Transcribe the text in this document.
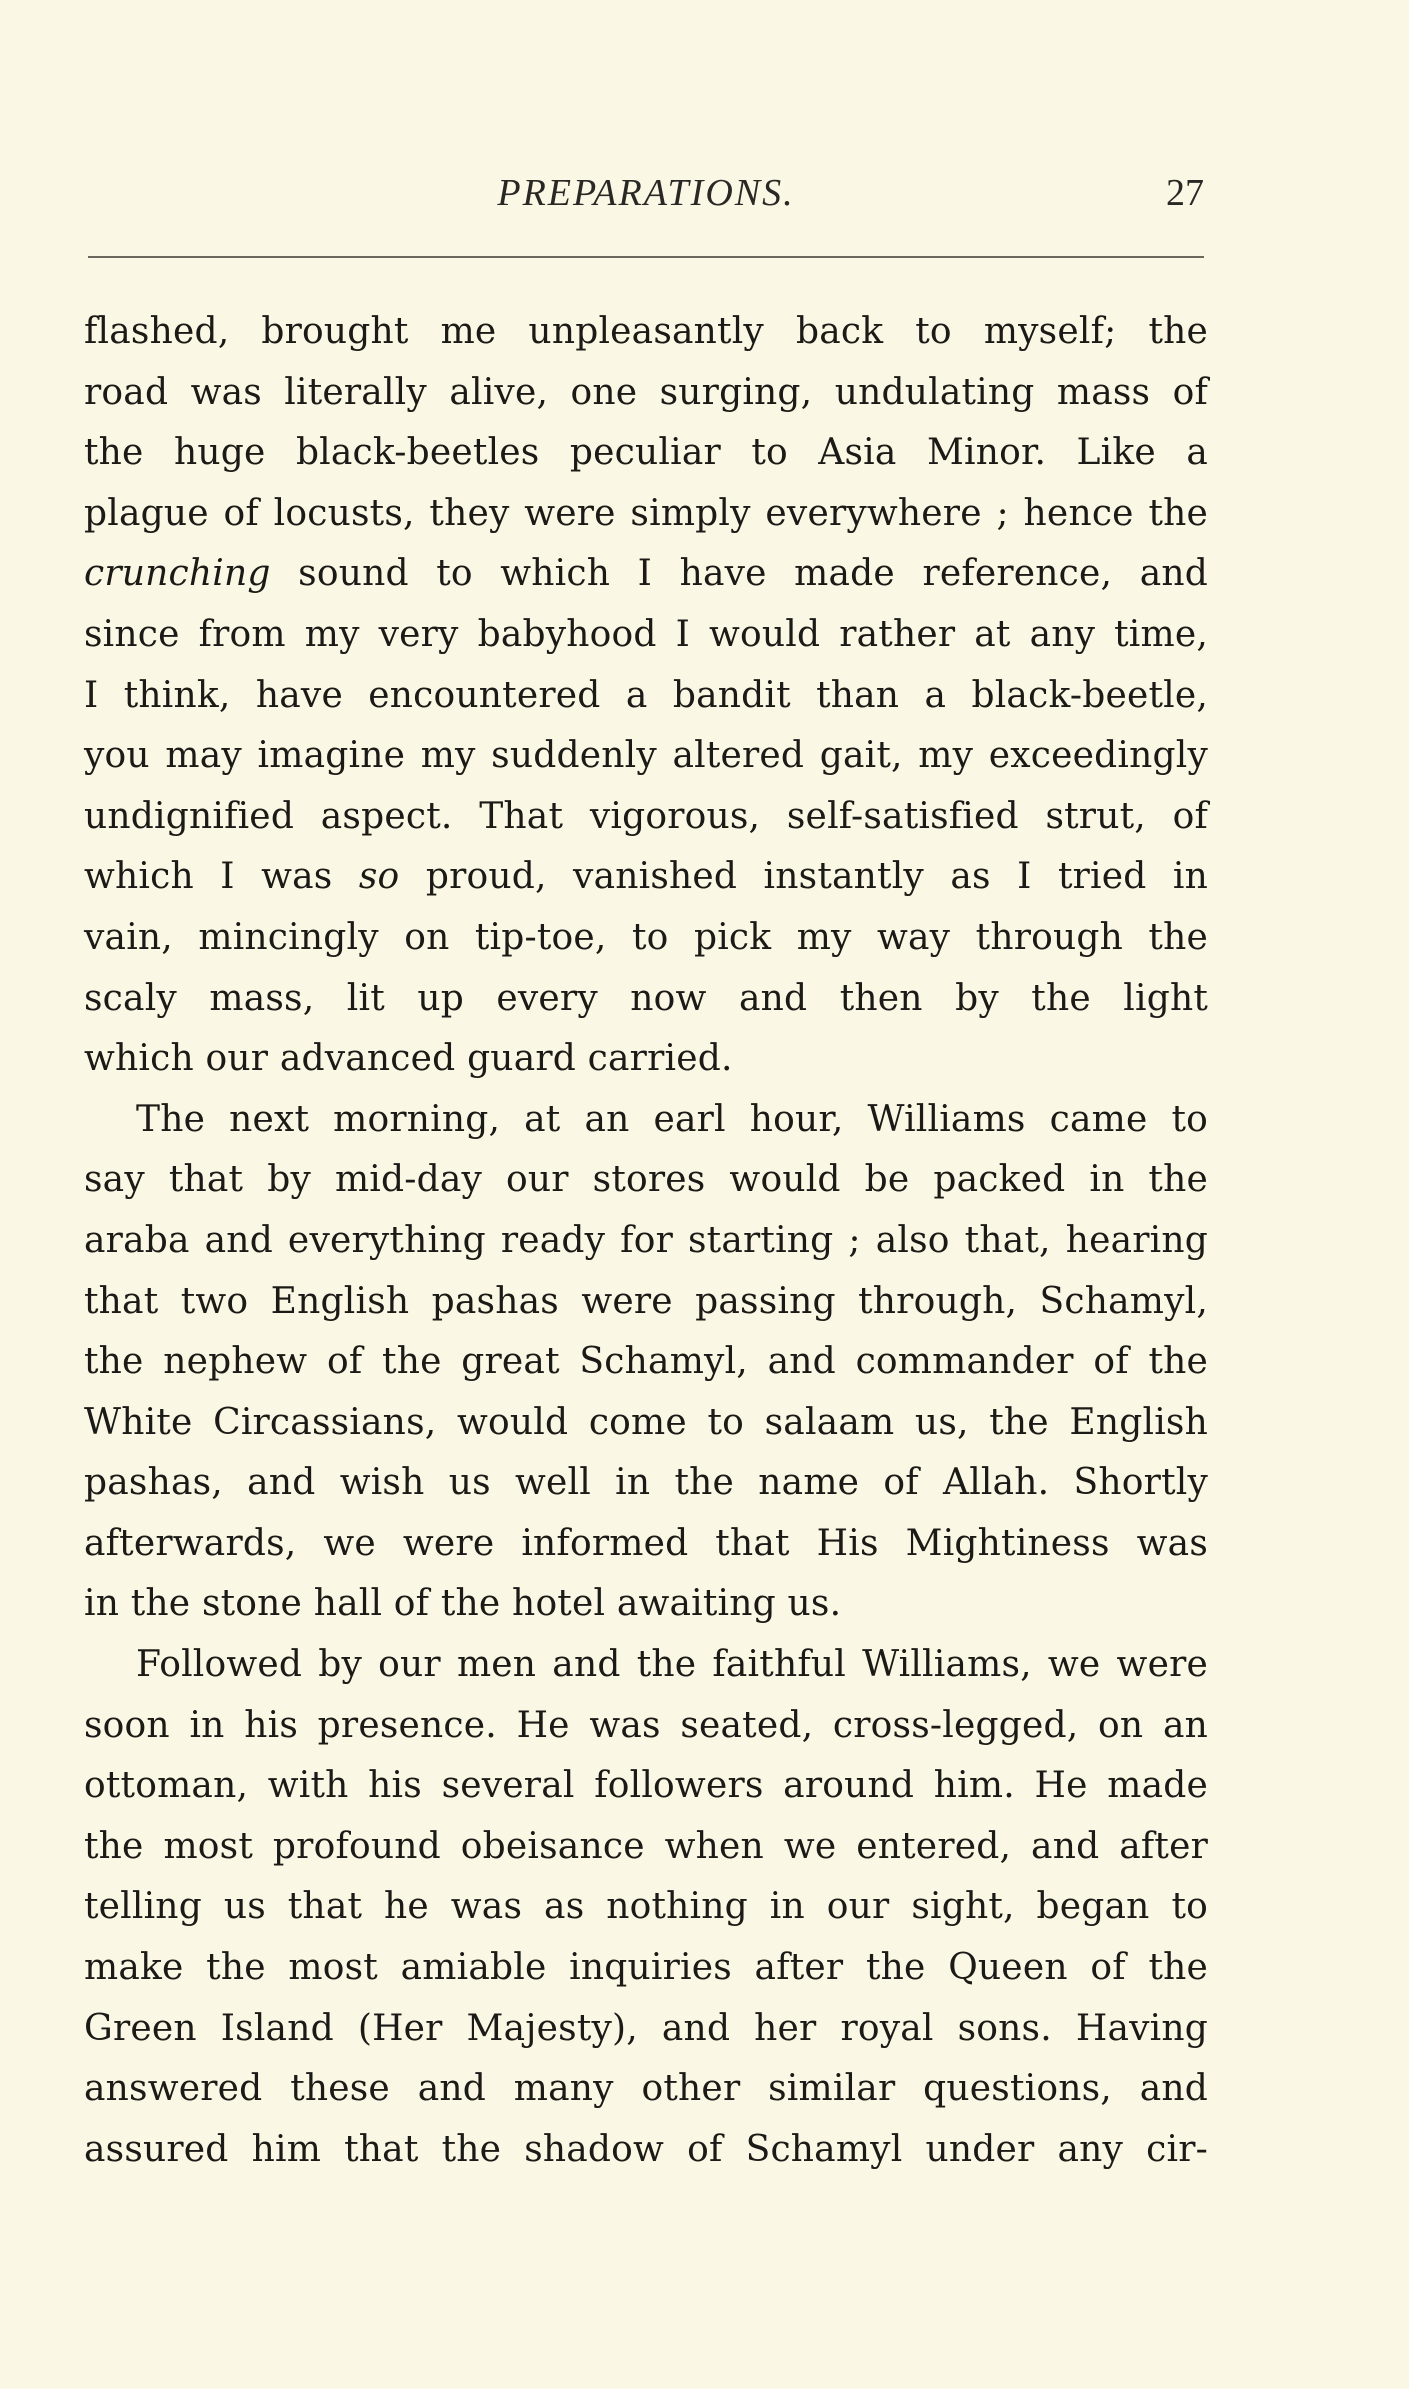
PREPARATIONS.	27
flashed, brought me unpleasantly back to myself; the
road was literally alive, one surging, undulating mass of
the huge black-beetles peculiar to Asia Minor. Like a
plague of locusts, they were simply everywhere ; hence the
crunching sound to which I have made reference, and
since from my very babyhood I would rather at any time,
I think, have encountered a bandit than a black-beetle,
you may imagine my suddenly altered gait, my exceedingly
undignified aspect. That vigorous, self-satisfied strut, of
which I was so proud, vanished instantly as I tried in
vain, mincingly on tip-toe, to pick my way through the
scaly mass, lit up every now and then by the light
which our advanced guard carried.
The next morning, at an earl hour, Williams came to
say that by mid-day our stores would be packed in the
araba and everything ready for starting ; also that, hearing
that two English pashas were passing through, Schamyl,
the nephew of the great Schamyl, and commander of the
White Circassians, would come to salaam us, the English
pashas, and wish us well in the name of Allah. Shortly
afterwards, we were informed that His Mightiness was
in the stone hall of the hotel awaiting us.
Followed by our men and the faithful Williams, we were
soon in his presence. He was seated, cross-legged, on an
ottoman, with his several followers around him. He made
the most profound obeisance when we entered, and after
telling us that he was as nothing in our sight, began to
make the most amiable inquiries after the Queen of the
Green Island (Her Majesty), and her royal sons. Having
answered these and many other similar questions, and
assured him that the shadow of Schamyl under any cir-
